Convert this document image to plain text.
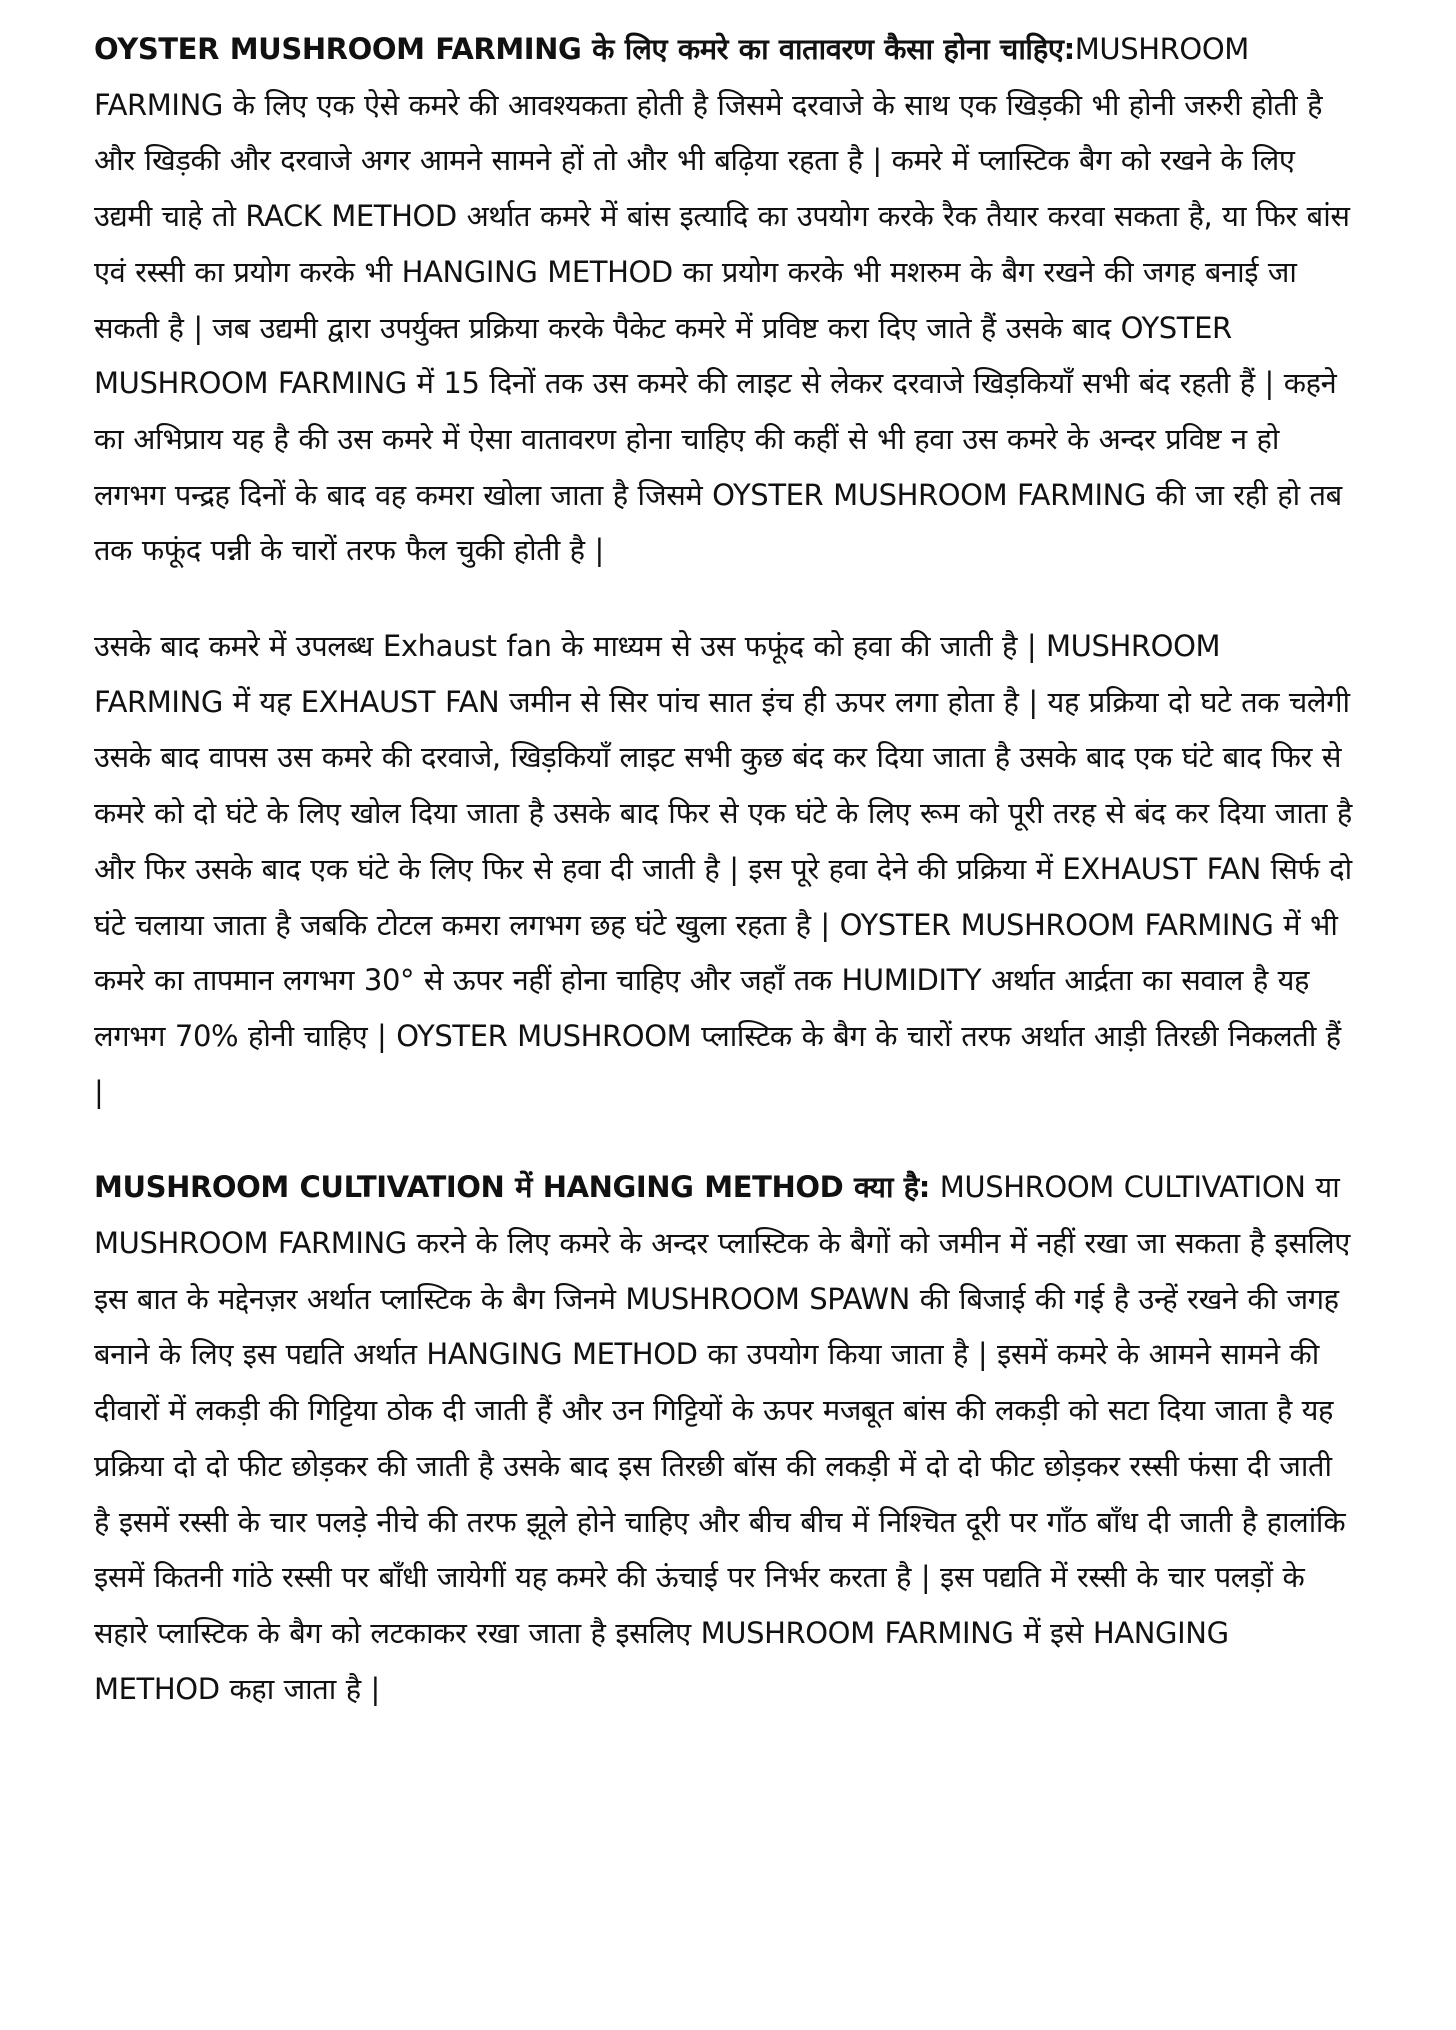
OYSTER MUSHROOM FARMING के लिए कमरे का वातावरण कैसा होना चाहिए:MUSHROOM FARMING के लिए एक ऐसे कमरे की आवश्यकता होती है जिसमे दरवाजे के साथ एक खिड़की भी होनी जरुरी होती है और खिड़की और दरवाजे अगर आमने सामने हों तो और भी बढ़िया रहता है | कमरे में प्लास्टिक बैग को रखने के लिए उद्यमी चाहे तो RACK METHOD अर्थात कमरे में बांस इत्यादि का उपयोग करके रैक तैयार करवा सकता है, या फिर बांस एवं रस्सी का प्रयोग करके भी HANGING METHOD का प्रयोग करके भी मशरुम के बैग रखने की जगह बनाई जा सकती है | जब उद्यमी द्वारा उपर्युक्त प्रक्रिया करके पैकेट कमरे में प्रविष्ट करा दिए जाते हैं उसके बाद OYSTER MUSHROOM FARMING में 15 दिनों तक उस कमरे की लाइट से लेकर दरवाजे खिड़कियाँ सभी बंद रहती हैं | कहने का अभिप्राय यह है की उस कमरे में ऐसा वातावरण होना चाहिए की कहीं से भी हवा उस कमरे के अन्दर प्रविष्ट न हो लगभग पन्द्रह दिनों के बाद वह कमरा खोला जाता है जिसमे OYSTER MUSHROOM FARMING की जा रही हो तब तक फफूंद पन्नी के चारों तरफ फैल चुकी होती है |

उसके बाद कमरे में उपलब्ध Exhaust fan के माध्यम से उस फफूंद को हवा की जाती है | MUSHROOM FARMING में यह EXHAUST FAN जमीन से सिर पांच सात इंच ही ऊपर लगा होता है | यह प्रक्रिया दो घटे तक चलेगी उसके बाद वापस उस कमरे की दरवाजे, खिड़कियाँ लाइट सभी कुछ बंद कर दिया जाता है उसके बाद एक घंटे बाद फिर से कमरे को दो घंटे के लिए खोल दिया जाता है उसके बाद फिर से एक घंटे के लिए रूम को पूरी तरह से बंद कर दिया जाता है और फिर उसके बाद एक घंटे के लिए फिर से हवा दी जाती है | इस पूरे हवा देने की प्रक्रिया में EXHAUST FAN सिर्फ दो घंटे चलाया जाता है जबकि टोटल कमरा लगभग छह घंटे खुला रहता है | OYSTER MUSHROOM FARMING में भी कमरे का तापमान लगभग 30° से ऊपर नहीं होना चाहिए और जहाँ तक HUMIDITY अर्थात आर्द्रता का सवाल है यह लगभग 70% होनी चाहिए | OYSTER MUSHROOM प्लास्टिक के बैग के चारों तरफ अर्थात आड़ी तिरछी निकलती हैं |

MUSHROOM CULTIVATION में HANGING METHOD क्या है: MUSHROOM CULTIVATION या MUSHROOM FARMING करने के लिए कमरे के अन्दर प्लास्टिक के बैगों को जमीन में नहीं रखा जा सकता है इसलिए इस बात के मद्देनज़र अर्थात प्लास्टिक के बैग जिनमे MUSHROOM SPAWN की बिजाई की गई है उन्हें रखने की जगह बनाने के लिए इस पद्यति अर्थात HANGING METHOD का उपयोग किया जाता है | इसमें कमरे के आमने सामने की दीवारों में लकड़ी की गिट्टिया ठोक दी जाती हैं और उन गिट्टियों के ऊपर मजबूत बांस की लकड़ी को सटा दिया जाता है यह प्रक्रिया दो दो फीट छोड़कर की जाती है उसके बाद इस तिरछी बॉस की लकड़ी में दो दो फीट छोड़कर रस्सी फंसा दी जाती है इसमें रस्सी के चार पलड़े नीचे की तरफ झूले होने चाहिए और बीच बीच में निश्चित दूरी पर गाँठ बाँध दी जाती है हालांकि इसमें कितनी गांठे रस्सी पर बाँधी जायेगीं यह कमरे की ऊंचाई पर निर्भर करता है | इस पद्यति में रस्सी के चार पलड़ों के सहारे प्लास्टिक के बैग को लटकाकर रखा जाता है इसलिए MUSHROOM FARMING में इसे HANGING METHOD कहा जाता है |
